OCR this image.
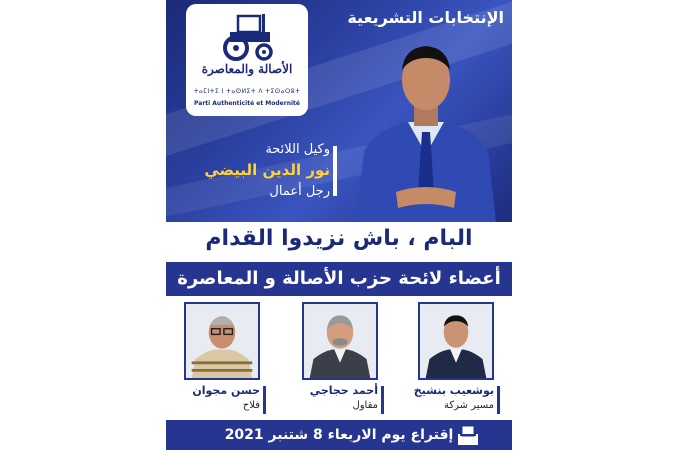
الأصالة والمعاصرة
ⵜⴰⵎⵏⵜⵉ ⵏ ⵜⴰⵙⵍⵉⵜ ⴷ ⵜⵉⵙⴰⵔⵓⵜ
Parti Authenticité et Modernité
الإنتخابات التشريعية
وكيل اللائحة
نور الدين البيضي
رجل أعمال
البام ، باش نزيدوا القدام
أعضاء لائحة حزب الأصالة و المعاصرة
بوشعيب بنشيخ
مسير شركة
أحمد حجاجي
مقاول
حسن مجوان
فلاح
إقتراع يوم الاربعاء 8 شتنبر 2021
